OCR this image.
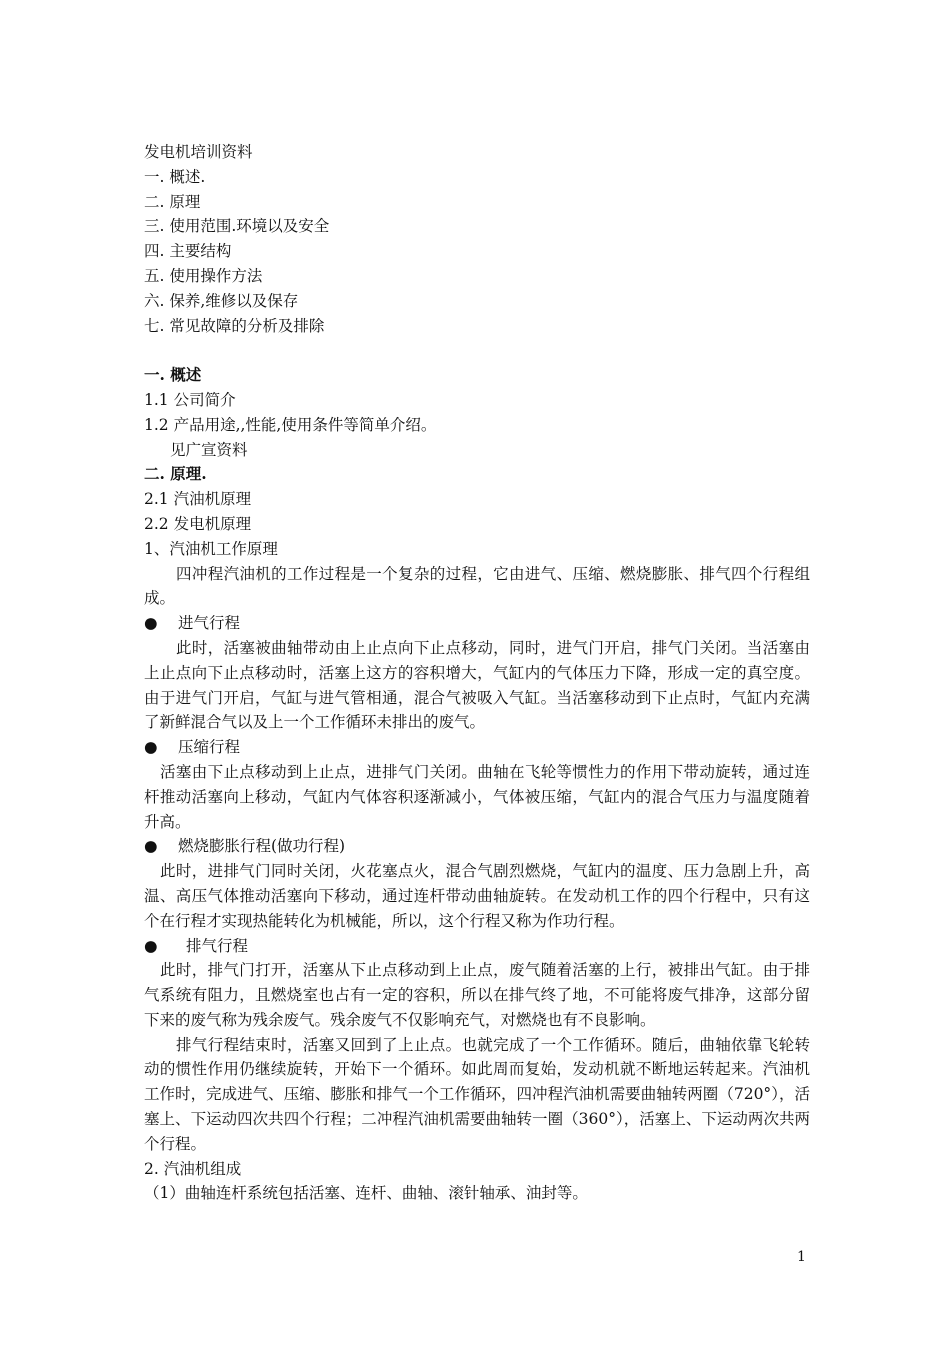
发电机培训资料
一. 概述.
二. 原理
三. 使用范围.环境以及安全
四. 主要结构
五. 使用操作方法
六. 保养,维修以及保存
七. 常见故障的分析及排除
一. 概述
1.1 公司简介
1.2 产品用途,,性能,使用条件等简单介绍。
见广宣资料
二. 原理.
2.1 汽油机原理
2.2 发电机原理
1、汽油机工作原理
四冲程汽油机的工作过程是一个复杂的过程，它由进气、压缩、燃烧膨胀、排气四个行程组成。
● 进气行程
此时，活塞被曲轴带动由上止点向下止点移动，同时，进气门开启，排气门关闭。当活塞由上止点向下止点移动时，活塞上这方的容积增大，气缸内的气体压力下降，形成一定的真空度。由于进气门开启，气缸与进气管相通，混合气被吸入气缸。当活塞移动到下止点时，气缸内充满了新鲜混合气以及上一个工作循环未排出的废气。
● 压缩行程
活塞由下止点移动到上止点，进排气门关闭。曲轴在飞轮等惯性力的作用下带动旋转，通过连杆推动活塞向上移动，气缸内气体容积逐渐减小，气体被压缩，气缸内的混合气压力与温度随着升高。
● 燃烧膨胀行程(做功行程)
此时，进排气门同时关闭，火花塞点火，混合气剧烈燃烧，气缸内的温度、压力急剧上升，高温、高压气体推动活塞向下移动，通过连杆带动曲轴旋转。在发动机工作的四个行程中，只有这个在行程才实现热能转化为机械能，所以，这个行程又称为作功行程。
● 排气行程
此时，排气门打开，活塞从下止点移动到上止点，废气随着活塞的上行，被排出气缸。由于排气系统有阻力，且燃烧室也占有一定的容积，所以在排气终了地，不可能将废气排净，这部分留下来的废气称为残余废气。残余废气不仅影响充气，对燃烧也有不良影响。
排气行程结束时，活塞又回到了上止点。也就完成了一个工作循环。随后，曲轴依靠飞轮转动的惯性作用仍继续旋转，开始下一个循环。如此周而复始，发动机就不断地运转起来。汽油机工作时，完成进气、压缩、膨胀和排气一个工作循环，四冲程汽油机需要曲轴转两圈（720°），活塞上、下运动四次共四个行程；二冲程汽油机需要曲轴转一圈（360°），活塞上、下运动两次共两个行程。
2. 汽油机组成
（1）曲轴连杆系统包括活塞、连杆、曲轴、滚针轴承、油封等。
1
